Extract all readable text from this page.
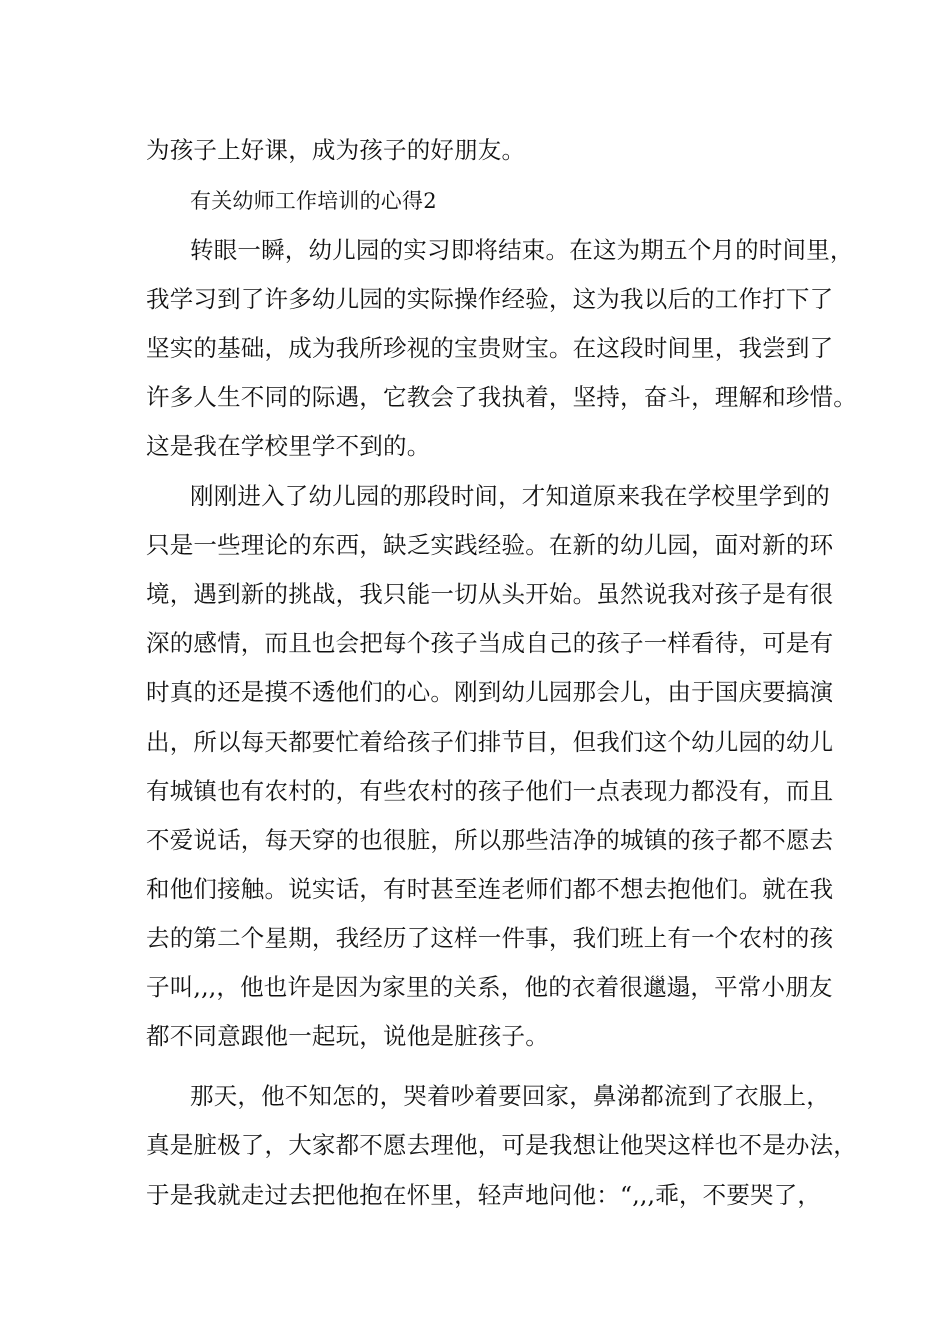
为孩子上好课，成为孩子的好朋友。
有关幼师工作培训的心得2
转眼一瞬，幼儿园的实习即将结束。在这为期五个月的时间里，
我学习到了许多幼儿园的实际操作经验，这为我以后的工作打下了
坚实的基础，成为我所珍视的宝贵财宝。在这段时间里，我尝到了
许多人生不同的际遇，它教会了我执着，坚持，奋斗，理解和珍惜。
这是我在学校里学不到的。
刚刚进入了幼儿园的那段时间，才知道原来我在学校里学到的
只是一些理论的东西，缺乏实践经验。在新的幼儿园，面对新的环
境，遇到新的挑战，我只能一切从头开始。虽然说我对孩子是有很
深的感情，而且也会把每个孩子当成自己的孩子一样看待，可是有
时真的还是摸不透他们的心。刚到幼儿园那会儿，由于国庆要搞演
出，所以每天都要忙着给孩子们排节目，但我们这个幼儿园的幼儿
有城镇也有农村的，有些农村的孩子他们一点表现力都没有，而且
不爱说话，每天穿的也很脏，所以那些洁净的城镇的孩子都不愿去
和他们接触。说实话，有时甚至连老师们都不想去抱他们。就在我
去的第二个星期，我经历了这样一件事，我们班上有一个农村的孩
子叫,,,，他也许是因为家里的关系，他的衣着很邋遢，平常小朋友
都不同意跟他一起玩，说他是脏孩子。
那天，他不知怎的，哭着吵着要回家，鼻涕都流到了衣服上，
真是脏极了，大家都不愿去理他，可是我想让他哭这样也不是办法，
于是我就走过去把他抱在怀里，轻声地问他：“,,,乖，不要哭了，
